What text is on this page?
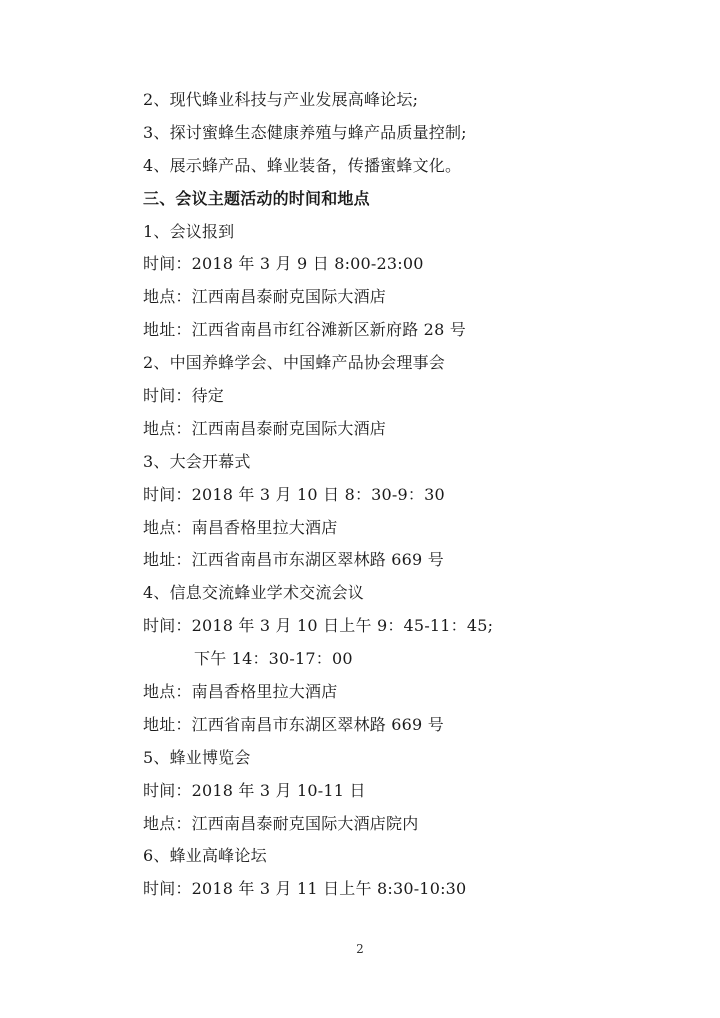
2、现代蜂业科技与产业发展高峰论坛;
3、探讨蜜蜂生态健康养殖与蜂产品质量控制;
4、展示蜂产品、蜂业装备，传播蜜蜂文化。
三、会议主题活动的时间和地点
1、会议报到
时间：2018 年 3 月 9 日 8:00-23:00
地点：江西南昌泰耐克国际大酒店
地址：江西省南昌市红谷滩新区新府路 28 号
2、中国养蜂学会、中国蜂产品协会理事会
时间：待定
地点：江西南昌泰耐克国际大酒店
3、大会开幕式
时间：2018 年 3 月 10 日 8：30-9：30
地点：南昌香格里拉大酒店
地址：江西省南昌市东湖区翠林路 669 号
4、信息交流蜂业学术交流会议
时间：2018 年 3 月 10 日上午 9：45-11：45;
下午 14：30-17：00
地点：南昌香格里拉大酒店
地址：江西省南昌市东湖区翠林路 669 号
5、蜂业博览会
时间：2018 年 3 月 10-11 日
地点：江西南昌泰耐克国际大酒店院内
6、蜂业高峰论坛
时间：2018 年 3 月 11 日上午 8:30-10:30
2
